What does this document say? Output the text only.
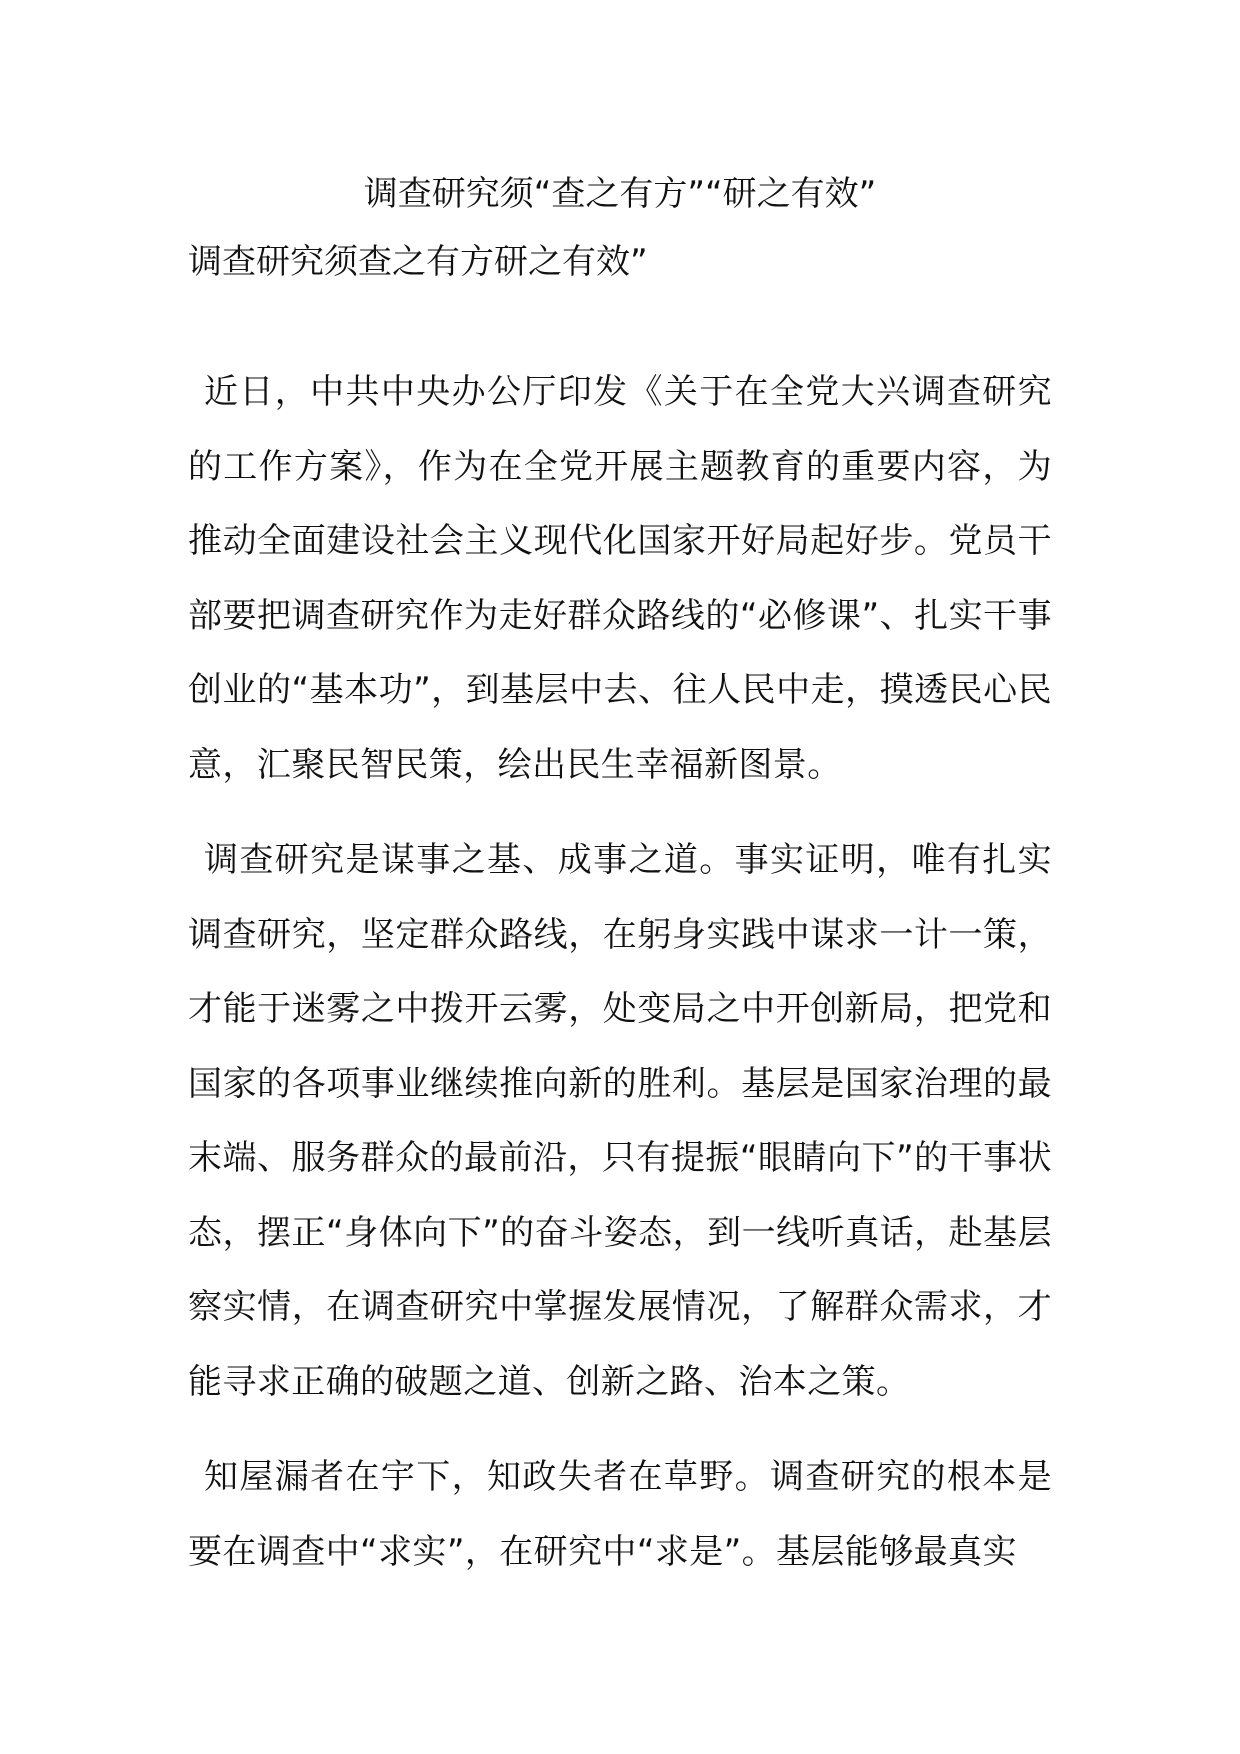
调查研究须“查之有方”“研之有效”
调查研究须查之有方研之有效”

近日，中共中央办公厅印发《关于在全党大兴调查研究的工作方案》，作为在全党开展主题教育的重要内容，为推动全面建设社会主义现代化国家开好局起好步。党员干部要把调查研究作为走好群众路线的“必修课”、扎实干事创业的“基本功”，到基层中去、往人民中走，摸透民心民意，汇聚民智民策，绘出民生幸福新图景。

调查研究是谋事之基、成事之道。事实证明，唯有扎实调查研究，坚定群众路线，在躬身实践中谋求一计一策，才能于迷雾之中拨开云雾，处变局之中开创新局，把党和国家的各项事业继续推向新的胜利。基层是国家治理的最末端、服务群众的最前沿，只有提振“眼睛向下”的干事状态，摆正“身体向下”的奋斗姿态，到一线听真话，赴基层察实情，在调查研究中掌握发展情况，了解群众需求，才能寻求正确的破题之道、创新之路、治本之策。

知屋漏者在宇下，知政失者在草野。调查研究的根本是要在调查中“求实”，在研究中“求是”。基层能够最真实
